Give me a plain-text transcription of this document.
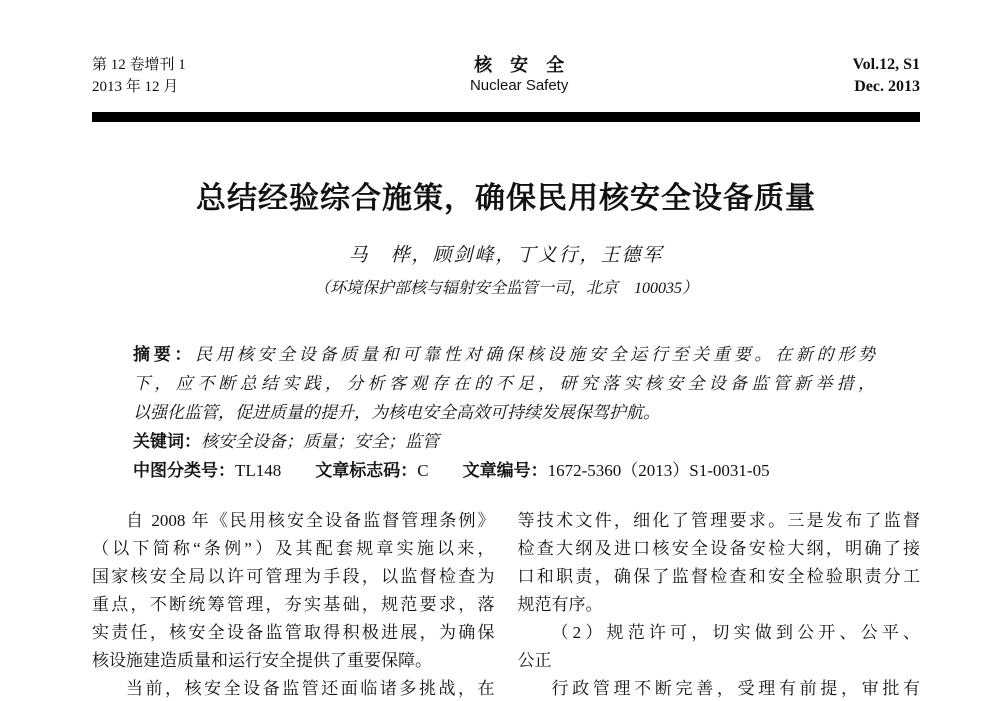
第 12 卷增刊 1
2013 年 12 月
核　安　全
Nuclear Safety
Vol.12, S1
Dec. 2013
总结经验综合施策，确保民用核安全设备质量
马　桦，顾剑峰，丁义行，王德军
（环境保护部核与辐射安全监管一司，北京　100035）
摘要：民用核安全设备质量和可靠性对确保核设施安全运行至关重要。在新的形势
下，应不断总结实践，分析客观存在的不足，研究落实核安全设备监管新举措，
以强化监管，促进质量的提升，为核电安全高效可持续发展保驾护航。
关键词：核安全设备；质量；安全；监管
中图分类号：TL148 文章标志码：C 文章编号：1672-5360（2013）S1-0031-05
自 2008 年《民用核安全设备监督管理条例》
（以下简称“条例”）及其配套规章实施以来，
国家核安全局以许可管理为手段，以监督检查为
重点，不断统筹管理，夯实基础，规范要求，落
实责任，核安全设备监管取得积极进展，为确保
核设施建造质量和运行安全提供了重要保障。
当前，核安全设备监管还面临诸多挑战，在
等技术文件，细化了管理要求。三是发布了监督
检查大纲及进口核安全设备安检大纲，明确了接
口和职责，确保了监督检查和安全检验职责分工
规范有序。
（2）规范许可，切实做到公开、公平、
公正
行政管理不断完善，受理有前提，审批有
